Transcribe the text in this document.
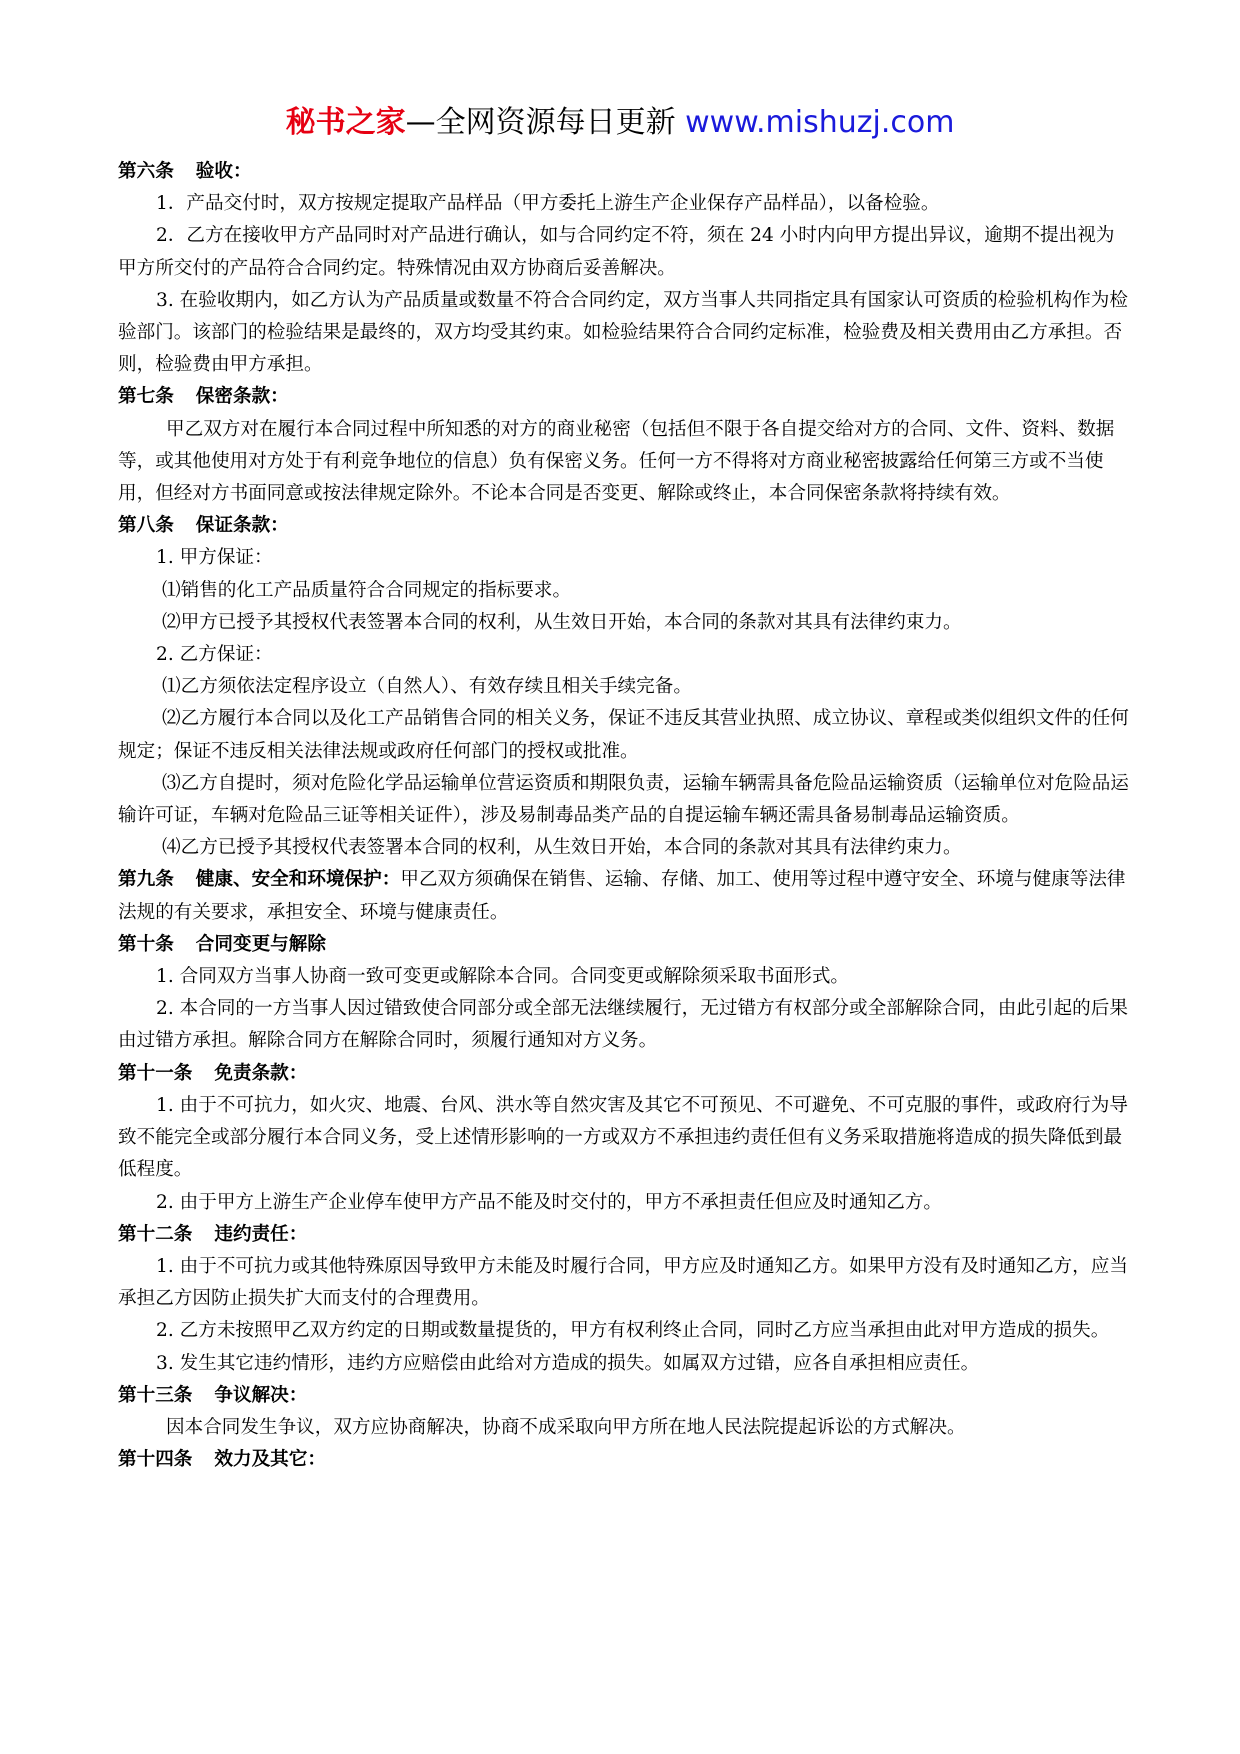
秘书之家—全网资源每日更新 www.mishuzj.com

第六条 验收：

1．产品交付时，双方按规定提取产品样品（甲方委托上游生产企业保存产品样品），以备检验。

2．乙方在接收甲方产品同时对产品进行确认，如与合同约定不符，须在 24 小时内向甲方提出异议，逾期不提出视为甲方所交付的产品符合合同约定。特殊情况由双方协商后妥善解决。

3. 在验收期内，如乙方认为产品质量或数量不符合合同约定，双方当事人共同指定具有国家认可资质的检验机构作为检验部门。该部门的检验结果是最终的，双方均受其约束。如检验结果符合合同约定标准，检验费及相关费用由乙方承担。否则，检验费由甲方承担。

第七条 保密条款：

甲乙双方对在履行本合同过程中所知悉的对方的商业秘密（包括但不限于各自提交给对方的合同、文件、资料、数据等，或其他使用对方处于有利竞争地位的信息）负有保密义务。任何一方不得将对方商业秘密披露给任何第三方或不当使用，但经对方书面同意或按法律规定除外。不论本合同是否变更、解除或终止，本合同保密条款将持续有效。

第八条 保证条款：

1. 甲方保证：

⑴销售的化工产品质量符合合同规定的指标要求。

⑵甲方已授予其授权代表签署本合同的权利，从生效日开始，本合同的条款对其具有法律约束力。

2. 乙方保证：

⑴乙方须依法定程序设立（自然人）、有效存续且相关手续完备。

⑵乙方履行本合同以及化工产品销售合同的相关义务，保证不违反其营业执照、成立协议、章程或类似组织文件的任何规定；保证不违反相关法律法规或政府任何部门的授权或批准。

⑶乙方自提时，须对危险化学品运输单位营运资质和期限负责，运输车辆需具备危险品运输资质（运输单位对危险品运输许可证，车辆对危险品三证等相关证件），涉及易制毒品类产品的自提运输车辆还需具备易制毒品运输资质。

⑷乙方已授予其授权代表签署本合同的权利，从生效日开始，本合同的条款对其具有法律约束力。

第九条 健康、安全和环境保护：甲乙双方须确保在销售、运输、存储、加工、使用等过程中遵守安全、环境与健康等法律法规的有关要求，承担安全、环境与健康责任。

第十条 合同变更与解除

1. 合同双方当事人协商一致可变更或解除本合同。合同变更或解除须采取书面形式。

2. 本合同的一方当事人因过错致使合同部分或全部无法继续履行，无过错方有权部分或全部解除合同，由此引起的后果由过错方承担。解除合同方在解除合同时，须履行通知对方义务。

第十一条 免责条款：

1. 由于不可抗力，如火灾、地震、台风、洪水等自然灾害及其它不可预见、不可避免、不可克服的事件，或政府行为导致不能完全或部分履行本合同义务，受上述情形影响的一方或双方不承担违约责任但有义务采取措施将造成的损失降低到最低程度。

2. 由于甲方上游生产企业停车使甲方产品不能及时交付的，甲方不承担责任但应及时通知乙方。

第十二条 违约责任：

1. 由于不可抗力或其他特殊原因导致甲方未能及时履行合同，甲方应及时通知乙方。如果甲方没有及时通知乙方，应当承担乙方因防止损失扩大而支付的合理费用。

2. 乙方未按照甲乙双方约定的日期或数量提货的，甲方有权利终止合同，同时乙方应当承担由此对甲方造成的损失。

3. 发生其它违约情形，违约方应赔偿由此给对方造成的损失。如属双方过错，应各自承担相应责任。

第十三条 争议解决：

因本合同发生争议，双方应协商解决，协商不成采取向甲方所在地人民法院提起诉讼的方式解决。

第十四条 效力及其它：
